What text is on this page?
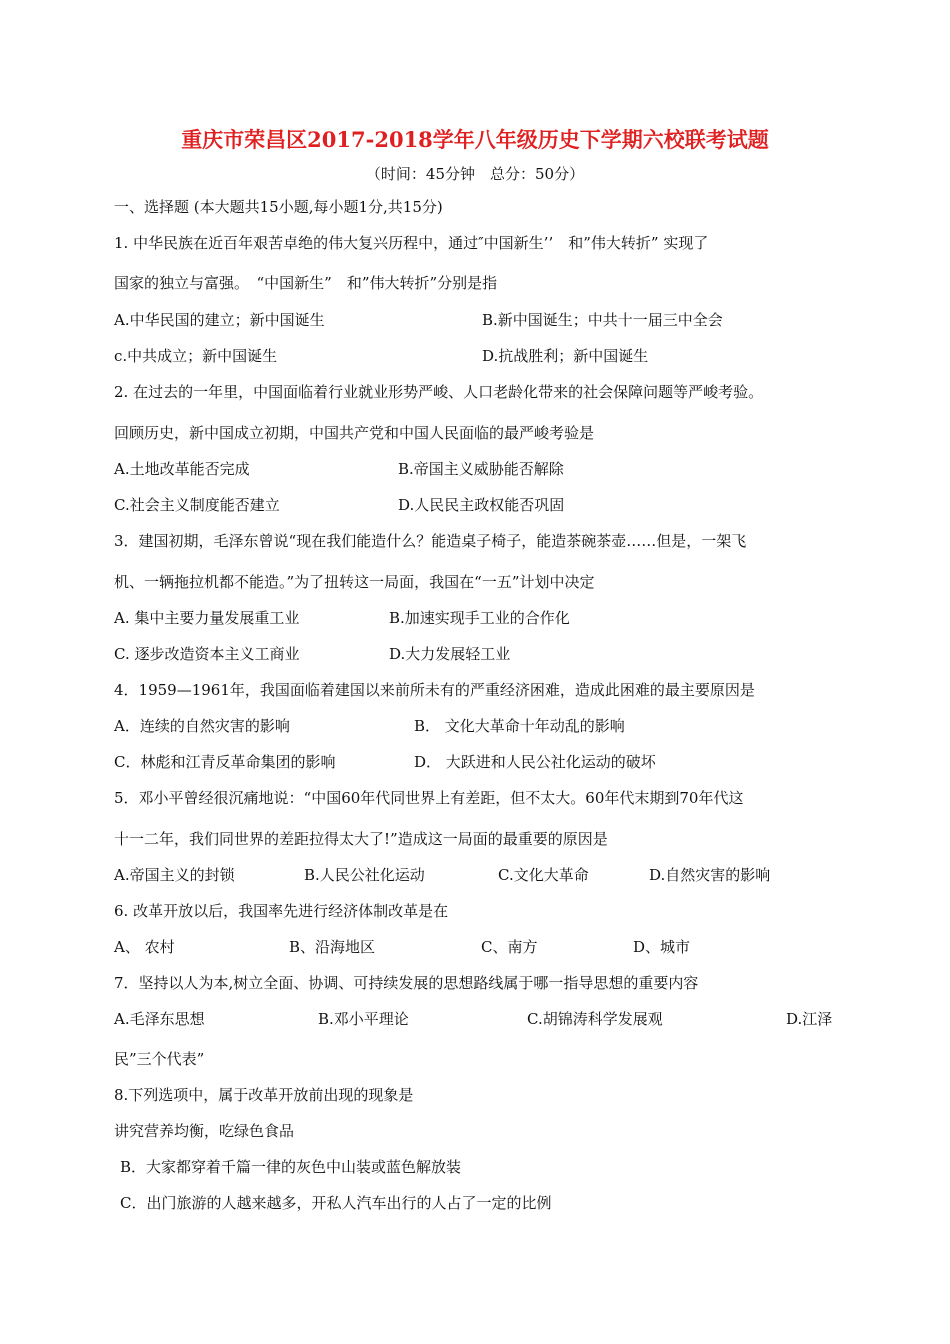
重庆市荣昌区2017-2018学年八年级历史下学期六校联考试题
（时间：45分钟　总分：50分）
一、选择题 (本大题共15小题,每小题1分,共15分)
1. 中华民族在近百年艰苦卓绝的伟大复兴历程中，通过″中国新生’’　和”伟大转折” 实现了
国家的独立与富强。　“中国新生”　和”伟大转折”分别是指
A.中华民国的建立；新中国诞生	B.新中国诞生；中共十一届三中全会
c.中共成立；新中国诞生	D.抗战胜利；新中国诞生
2. 在过去的一年里，中国面临着行业就业形势严峻、人口老龄化带来的社会保障问题等严峻考验。
回顾历史，新中国成立初期，中国共产党和中国人民面临的最严峻考验是
A.土地改革能否完成	B.帝国主义威胁能否解除
C.社会主义制度能否建立	D.人民民主政权能否巩固
3．建国初期，毛泽东曾说“现在我们能造什么？能造桌子椅子，能造茶碗茶壶……但是，一架飞
机、一辆拖拉机都不能造。”为了扭转这一局面，我国在“一五”计划中决定
A. 集中主要力量发展重工业	B.加速实现手工业的合作化
C. 逐步改造资本主义工商业	D.大力发展轻工业
4．1959—1961年，我国面临着建国以来前所未有的严重经济困难，造成此困难的最主要原因是
A．连续的自然灾害的影响	B． 文化大革命十年动乱的影响
C．林彪和江青反革命集团的影响	D． 大跃进和人民公社化运动的破坏
5．邓小平曾经很沉痛地说：“中国60年代同世界上有差距，但不太大。60年代末期到70年代这
十一二年，我们同世界的差距拉得太大了!”造成这一局面的最重要的原因是
A.帝国主义的封锁	B.人民公社化运动	C.文化大革命	D.自然灾害的影响
6. 改革开放以后，我国率先进行经济体制改革是在
A、 农村	B、沿海地区	C、南方	D、城市
7．坚持以人为本,树立全面、协调、可持续发展的思想路线属于哪一指导思想的重要内容
A.毛泽东思想	B.邓小平理论	C.胡锦涛科学发展观	D.江泽
民”三个代表”
8.下列选项中，属于改革开放前出现的现象是
讲究营养均衡，吃绿色食品
B．大家都穿着千篇一律的灰色中山装或蓝色解放装
C．出门旅游的人越来越多，开私人汽车出行的人占了一定的比例
